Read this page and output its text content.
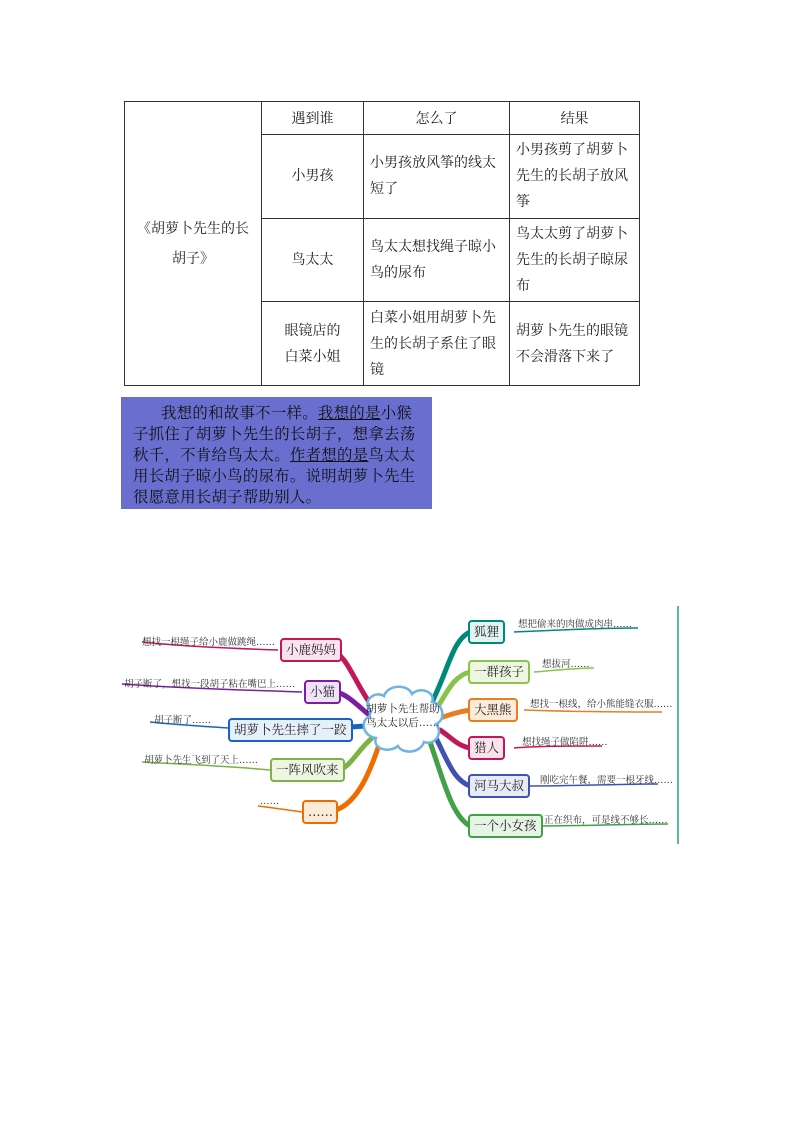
《胡萝卜先生的长胡子》	遇到谁	怎么了	结果
	小男孩	小男孩放风筝的线太短了	小男孩剪了胡萝卜先生的长胡子放风筝
	鸟太太	鸟太太想找绳子晾小鸟的尿布	鸟太太剪了胡萝卜先生的长胡子晾尿布
	眼镜店的白菜小姐	白菜小姐用胡萝卜先生的长胡子系住了眼镜	胡萝卜先生的眼镜不会滑落下来了
我想的和故事不一样。我想的是小猴子抓住了胡萝卜先生的长胡子，想拿去荡秋千，不肯给鸟太太。作者想的是鸟太太用长胡子晾小鸟的尿布。说明胡萝卜先生很愿意用长胡子帮助别人。
胡萝卜先生帮助鸟太太以后……
小鹿妈妈
想找一根绳子给小鹿做跳绳……
小猫
胡子断了，想找一段胡子粘在嘴巴上……
胡萝卜先生摔了一跤
胡子断了……
一阵风吹来
胡萝卜先生飞到了天上……
……
……
狐狸	想把偷来的肉做成肉串……
一群孩子	想拔河……
大黑熊	想找一根线，给小熊能缝衣服……
猎人	想找绳子做陷阱……
河马大叔	刚吃完午餐，需要一根牙线……
一个小女孩 正在织布，可是线不够长……
